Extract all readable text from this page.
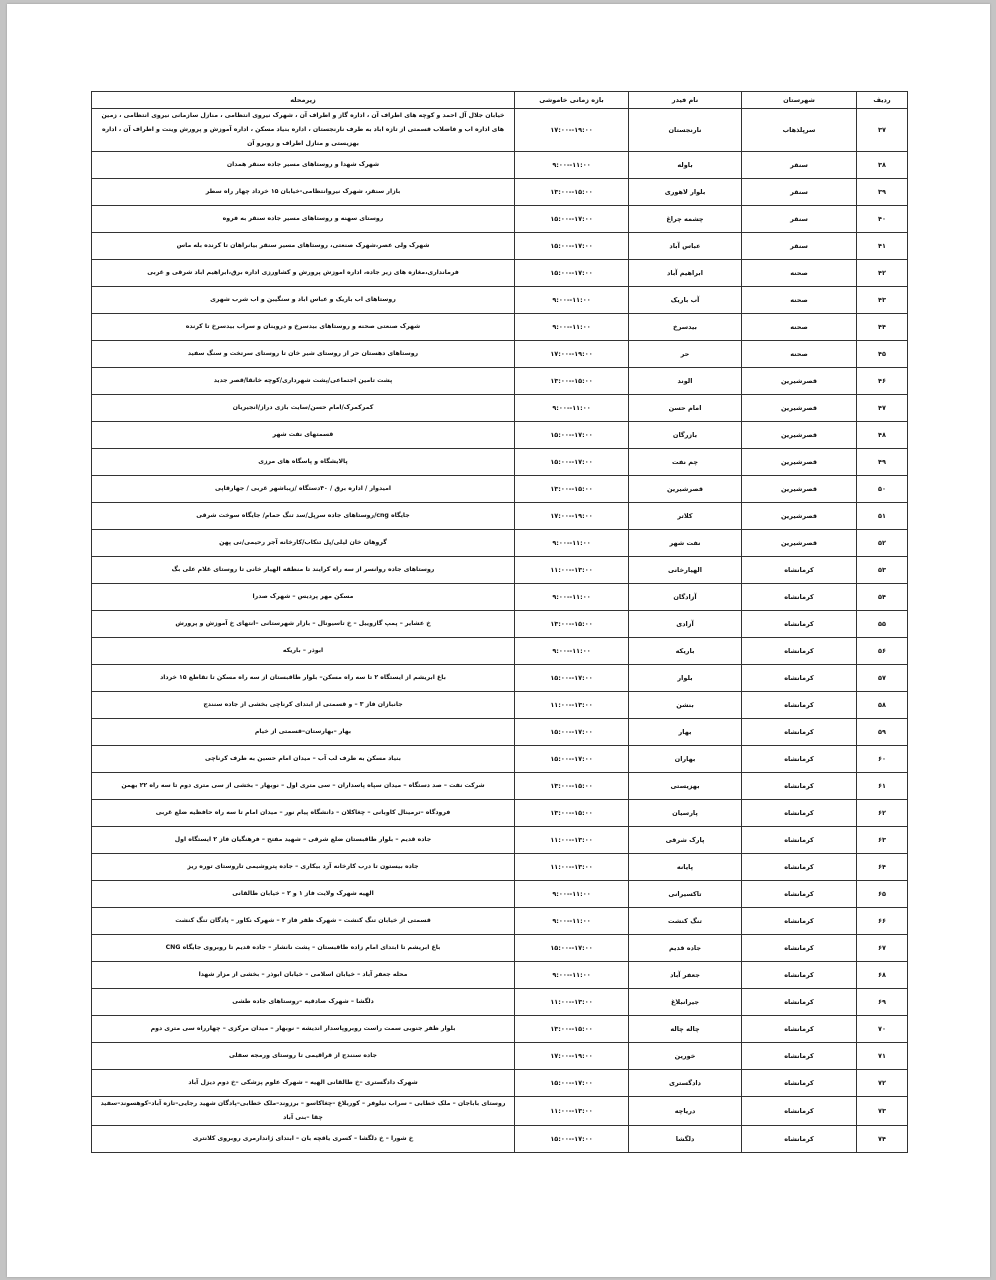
ردیف	شهرستان	نام فیدر	بازه زمانی خاموشی	زیرمحله
۳۷	سرپلذهاب	نارنجستان	۱۷:۰۰--۱۹:۰۰	خیابان جلال آل احمد و کوچه های اطراف آن ، اداره گاز و اطراف آن ، شهرک نیروی انتظامی ، منازل سازمانی نیروی انتظامی ، زمین های اداره اب و فاضلاب قسمتی از تازه اباد به طرف نارنجستان ، اداره بنیاد مسکن ، اداره آموزش و پرورش وینت و اطراف آن ، اداره بهزیستی و منازل اطراف و روبرو آن
۳۸	سنقر	باوله	۹:۰۰--۱۱:۰۰	شهرک شهدا و روستاهای مسیر جاده سنقر همدان
۳۹	سنقر	بلوار لاهوری	۱۳:۰۰--۱۵:۰۰	بازار سنقر، شهرک نیروانتظامی-خیابان ۱۵ خرداد چهار راه سطر
۴۰	سنقر	چشمه چراغ	۱۵:۰۰--۱۷:۰۰	روستای سهنه و روستاهای مسیر جاده سنقر به فروه
۴۱	سنقر	عباس آباد	۱۵:۰۰--۱۷:۰۰	شهرک ولی عصر،شهرک صنعتی، روستاهای مسیر سنقر بیانراهان تا کرنده بله ماس
۴۲	صحنه	ابراهیم آباد	۱۵:۰۰--۱۷:۰۰	فرمانداری،مغازه های زیر جاده، اداره اموزش پرورش و کشاورزی اداره برق،ابراهیم اباد شرقی و غربی
۴۳	صحنه	آب باریک	۹:۰۰--۱۱:۰۰	روستاهای اب باریک و عباس اباد و سنگیبن و اب شرب شهری
۴۴	صحنه	بیدسرخ	۹:۰۰--۱۱:۰۰	شهرک صنعتی صحنه و روستاهای بیدسرخ و دروینان و سراب بیدسرخ تا کرنده
۴۵	صحنه	حر	۱۷:۰۰--۱۹:۰۰	روستاهای دهستان حر از روستای شیر خان تا روستای سرتخت و سنگ سفید
۴۶	قصرشیرین	الوند	۱۳:۰۰--۱۵:۰۰	پشت تامین اجتماعی/پشت شهرداری/کوچه خانقا/قصر جدید
۴۷	قصرشیرین	امام حسن	۹:۰۰--۱۱:۰۰	کمرکمرک/امام حسن/سایت بازی دراز/انجیریان
۴۸	قصرشیرین	بازرگان	۱۵:۰۰--۱۷:۰۰	قسمتهای نفت شهر
۴۹	قصرشیرین	چم نفت	۱۵:۰۰--۱۷:۰۰	پالایشگاه و پاسگاه های مرزی
۵۰	قصرشیرین	قصرشیرین	۱۳:۰۰--۱۵:۰۰	امیدوار / اداره برق / ۴۰دستگاه /زیباشهر غربی / جهارقاپی
۵۱	قصرشیرین	کلاتر	۱۷:۰۰--۱۹:۰۰	جایگاه cng/روستاهای جاده سرپل/سد تنگ حمام/ جایگاه سوخت شرقی
۵۲	قصرشیرین	نفت شهر	۹:۰۰--۱۱:۰۰	گروهان خان لیلی/پل تنکاب/کارخانه آجر رحیمی/نی پهن
۵۳	کرمانشاه	الهیارخانی	۱۱:۰۰--۱۳:۰۰	روستاهای جاده روانسر از سه راه کرایند تا منطقه الهیار خانی تا روستای غلام علی بگ
۵۴	کرمانشاه	آزادگان	۹:۰۰--۱۱:۰۰	مسکن مهر پردیس – شهرک صدرا
۵۵	کرمانشاه	آزادی	۱۳:۰۰--۱۵:۰۰	خ عشایر – پمپ گازوییل – خ تاسیونال – بازار شهرستانی –انتهای خ آموزش و پرورش
۵۶	کرمانشاه	باریکه	۹:۰۰--۱۱:۰۰	ابوذر – باریکه
۵۷	کرمانشاه	بلوار	۱۵:۰۰--۱۷:۰۰	باغ ابریشم از ایستگاه ۲ تا سه راه مسکن– بلوار طاقبستان از سه راه مسکن تا تقاطع ۱۵ خرداد
۵۸	کرمانشاه	بنشن	۱۱:۰۰--۱۳:۰۰	جانبازان فاز ۳ – و قسمتی از ابتدای کرناچی بخشی از جاده سنندج
۵۹	کرمانشاه	بهار	۱۵:۰۰--۱۷:۰۰	بهار –بهارستان–قسمتی از خیام
۶۰	کرمانشاه	بهاران	۱۵:۰۰--۱۷:۰۰	بنیاد مسکن به طرف لب آب – میدان امام حسین به طرف کرناچی
۶۱	کرمانشاه	بهزیستی	۱۳:۰۰--۱۵:۰۰	شرکت نفت – صد دستگاه – میدان سپاه پاسداران – سی متری اول – نوبهار – بخشی از سی متری دوم تا سه راه ۲۲ بهمن
۶۲	کرمانشاه	پارسیان	۱۳:۰۰--۱۵:۰۰	فرودگاه –ترمینال کاوبانی – چغاکلان – دانشگاه پیام نور – میدان امام تا سه راه حافظیه ضلع غربی
۶۳	کرمانشاه	پارک شرقی	۱۱:۰۰--۱۳:۰۰	جاده قدیم – بلوار طاقبستان ضلع شرقی – شهید مفتح – فرهنگیان فاز ۲ ایستگاه اول
۶۴	کرمانشاه	پایانه	۱۱:۰۰--۱۳:۰۰	جاده بیستون تا درب کارخانه آرد بیکاری – جاده پتروشیمی تاروستای توره ریز
۶۵	کرمانشاه	تاکسیرانی	۹:۰۰--۱۱:۰۰	الهیه شهرک ولایت فاز ۱ و ۲ – خیابان طالقانی
۶۶	کرمانشاه	تنگ کنشت	۹:۰۰--۱۱:۰۰	قسمتی از خیابان تنگ کنشت – شهرک ظفر فاز ۲ – شهرک نکاور – پادگان تنگ کنشت
۶۷	کرمانشاه	جاده قدیم	۱۵:۰۰--۱۷:۰۰	باغ ابریشم تا ابتدای امام زاده طاقبستان – پشت نانشار – جاده قدیم تا روبروی جایگاه CNG
۶۸	کرمانشاه	جعفر آباد	۹:۰۰--۱۱:۰۰	محله جعفر آباد – خیابان اسلامی – خیابان ابوذر – بخشی از مزار شهدا
۶۹	کرمانشاه	جیرانبلاغ	۱۱:۰۰--۱۳:۰۰	دلگشا – شهرک صادقیه –روستاهای جاده طشی
۷۰	کرمانشاه	چاله چاله	۱۳:۰۰--۱۵:۰۰	بلوار ظفر جنوبی سمت راست روبروپاسدار اندیشه – نوبهار – میدان مرکزی – چهارراه سی متری دوم
۷۱	کرمانشاه	خورین	۱۷:۰۰--۱۹:۰۰	جاده سنندج از قراقیمی تا روستای ورمجه سفلی
۷۲	کرمانشاه	دادگستری	۱۵:۰۰--۱۷:۰۰	شهرک دادگستری –خ طالقانی الهیه – شهرک علوم پزشکی –خ دوم دیزل آباد
۷۳	کرمانشاه	دریاچه	۱۱:۰۰--۱۳:۰۰	روستای باباجان – ملک خطابی – سراب نیلوفر – کوربلاغ –چغاکاسو – برزوند–ملک خطابی–پادگان شهید رجایی–تازه آباد–کوهسوند–سفید چقا –بنی آباد
۷۴	کرمانشاه	دلگشا	۱۵:۰۰--۱۷:۰۰	خ شورا – خ دلگشا – کسری یاقچه بان – ابتدای ژاندارمری روبروی کلانتری
